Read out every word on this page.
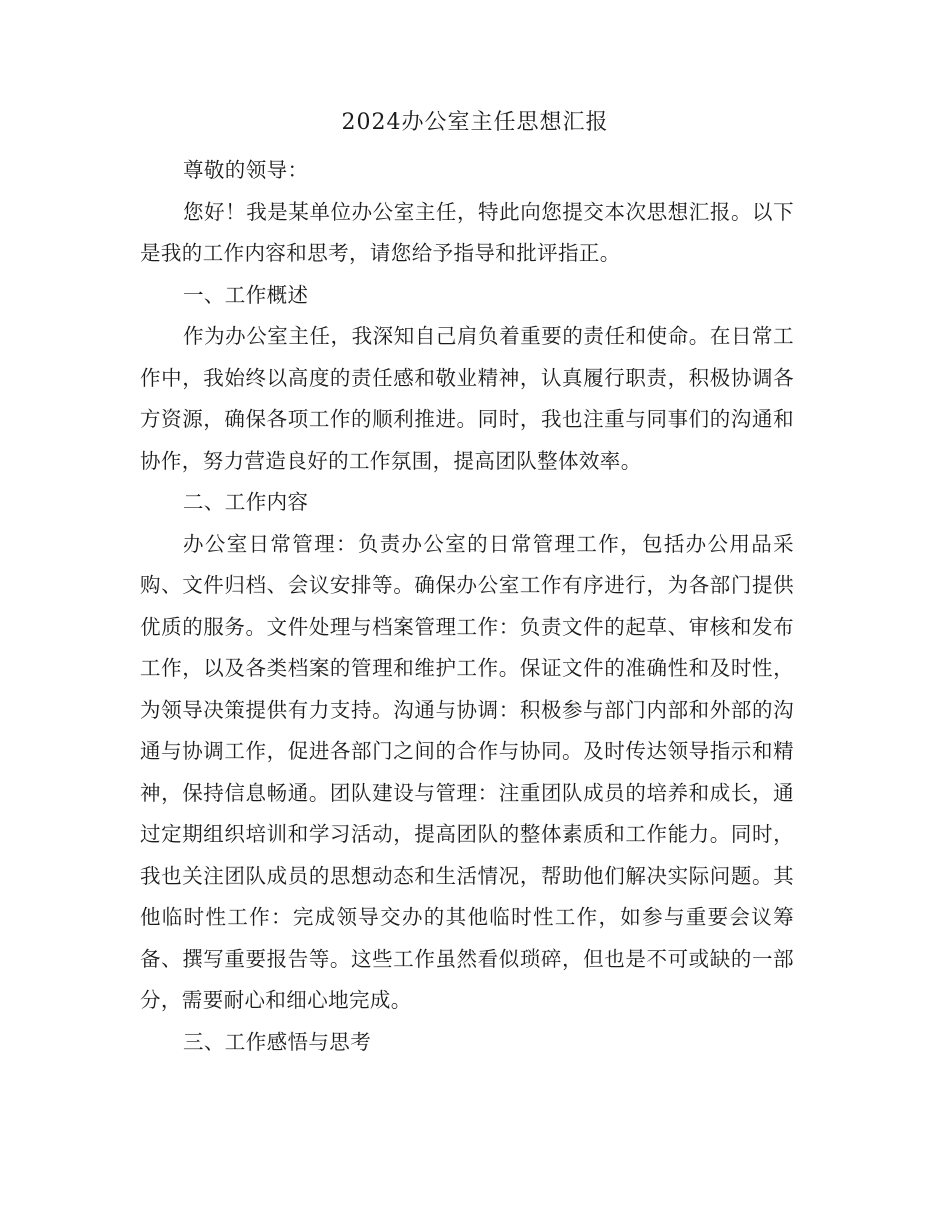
2024办公室主任思想汇报

尊敬的领导：

您好！我是某单位办公室主任，特此向您提交本次思想汇报。以下是我的工作内容和思考，请您给予指导和批评指正。

一、工作概述

作为办公室主任，我深知自己肩负着重要的责任和使命。在日常工作中，我始终以高度的责任感和敬业精神，认真履行职责，积极协调各方资源，确保各项工作的顺利推进。同时，我也注重与同事们的沟通和协作，努力营造良好的工作氛围，提高团队整体效率。

二、工作内容

办公室日常管理：负责办公室的日常管理工作，包括办公用品采购、文件归档、会议安排等。确保办公室工作有序进行，为各部门提供优质的服务。文件处理与档案管理工作：负责文件的起草、审核和发布工作，以及各类档案的管理和维护工作。保证文件的准确性和及时性，为领导决策提供有力支持。沟通与协调：积极参与部门内部和外部的沟通与协调工作，促进各部门之间的合作与协同。及时传达领导指示和精神，保持信息畅通。团队建设与管理：注重团队成员的培养和成长，通过定期组织培训和学习活动，提高团队的整体素质和工作能力。同时，我也关注团队成员的思想动态和生活情况，帮助他们解决实际问题。其他临时性工作：完成领导交办的其他临时性工作，如参与重要会议筹备、撰写重要报告等。这些工作虽然看似琐碎，但也是不可或缺的一部分，需要耐心和细心地完成。

三、工作感悟与思考
